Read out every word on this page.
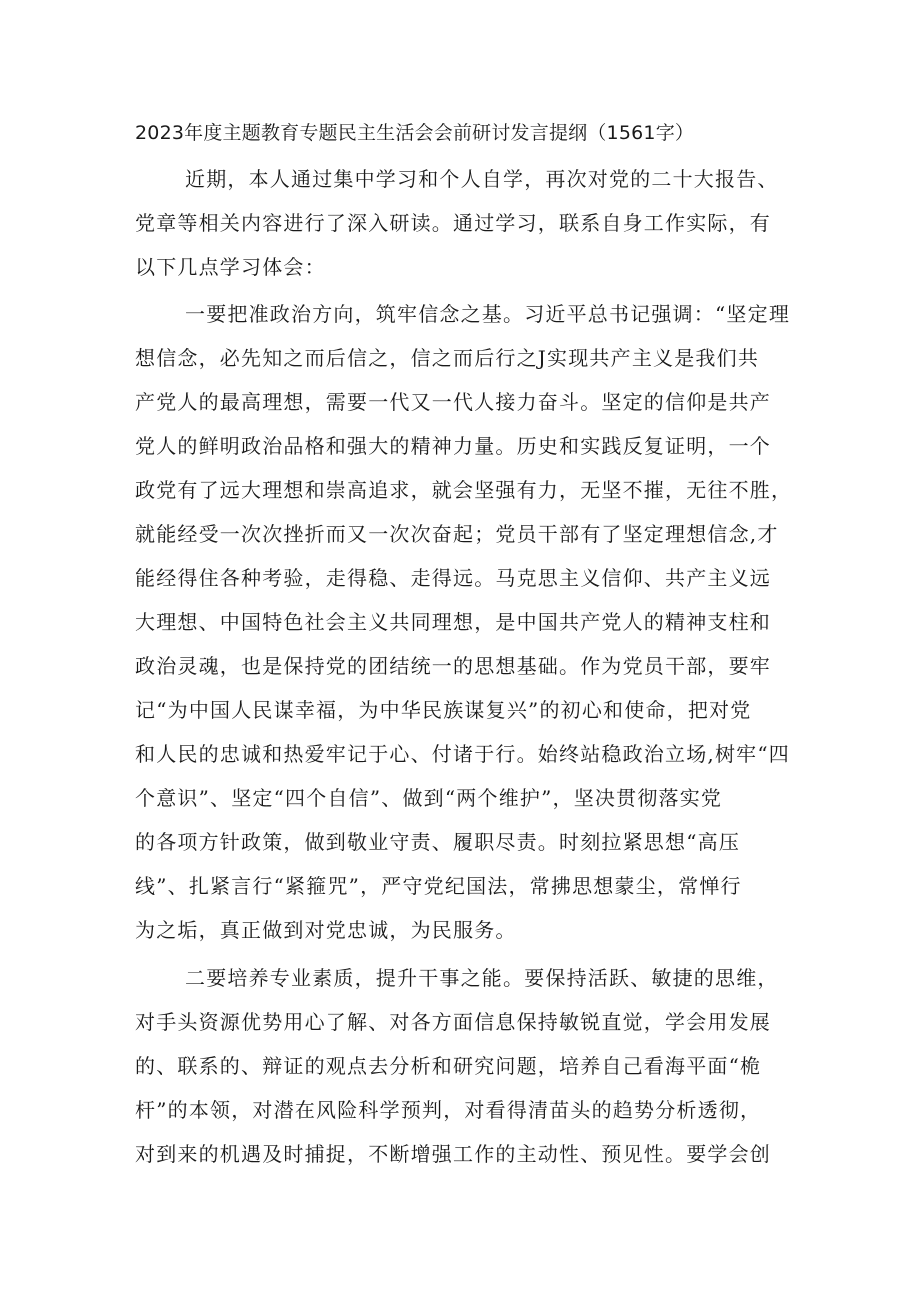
2023年度主题教育专题民主生活会会前研讨发言提纲（1561字）
近期，本人通过集中学习和个人自学，再次对党的二十大报告、
党章等相关内容进行了深入研读。通过学习，联系自身工作实际，有
以下几点学习体会：
一要把准政治方向，筑牢信念之基。习近平总书记强调：“坚定理
想信念，必先知之而后信之，信之而后行之J实现共产主义是我们共
产党人的最高理想，需要一代又一代人接力奋斗。坚定的信仰是共产
党人的鲜明政治品格和强大的精神力量。历史和实践反复证明，一个
政党有了远大理想和崇高追求，就会坚强有力，无坚不摧，无往不胜，
就能经受一次次挫折而又一次次奋起；党员干部有了坚定理想信念,才
能经得住各种考验，走得稳、走得远。马克思主义信仰、共产主义远
大理想、中国特色社会主义共同理想，是中国共产党人的精神支柱和
政治灵魂，也是保持党的团结统一的思想基础。作为党员干部，要牢
记“为中国人民谋幸福，为中华民族谋复兴”的初心和使命，把对党
和人民的忠诚和热爱牢记于心、付诸于行。始终站稳政治立场,树牢“四
个意识”、坚定“四个自信”、做到“两个维护”，坚决贯彻落实党
的各项方针政策，做到敬业守责、履职尽责。时刻拉紧思想“高压
线”、扎紧言行“紧箍咒”，严守党纪国法，常拂思想蒙尘，常惮行
为之垢，真正做到对党忠诚，为民服务。
二要培养专业素质，提升干事之能。要保持活跃、敏捷的思维，
对手头资源优势用心了解、对各方面信息保持敏锐直觉，学会用发展
的、联系的、辩证的观点去分析和研究问题，培养自己看海平面“桅
杆”的本领，对潜在风险科学预判，对看得清苗头的趋势分析透彻，
对到来的机遇及时捕捉，不断增强工作的主动性、预见性。要学会创
